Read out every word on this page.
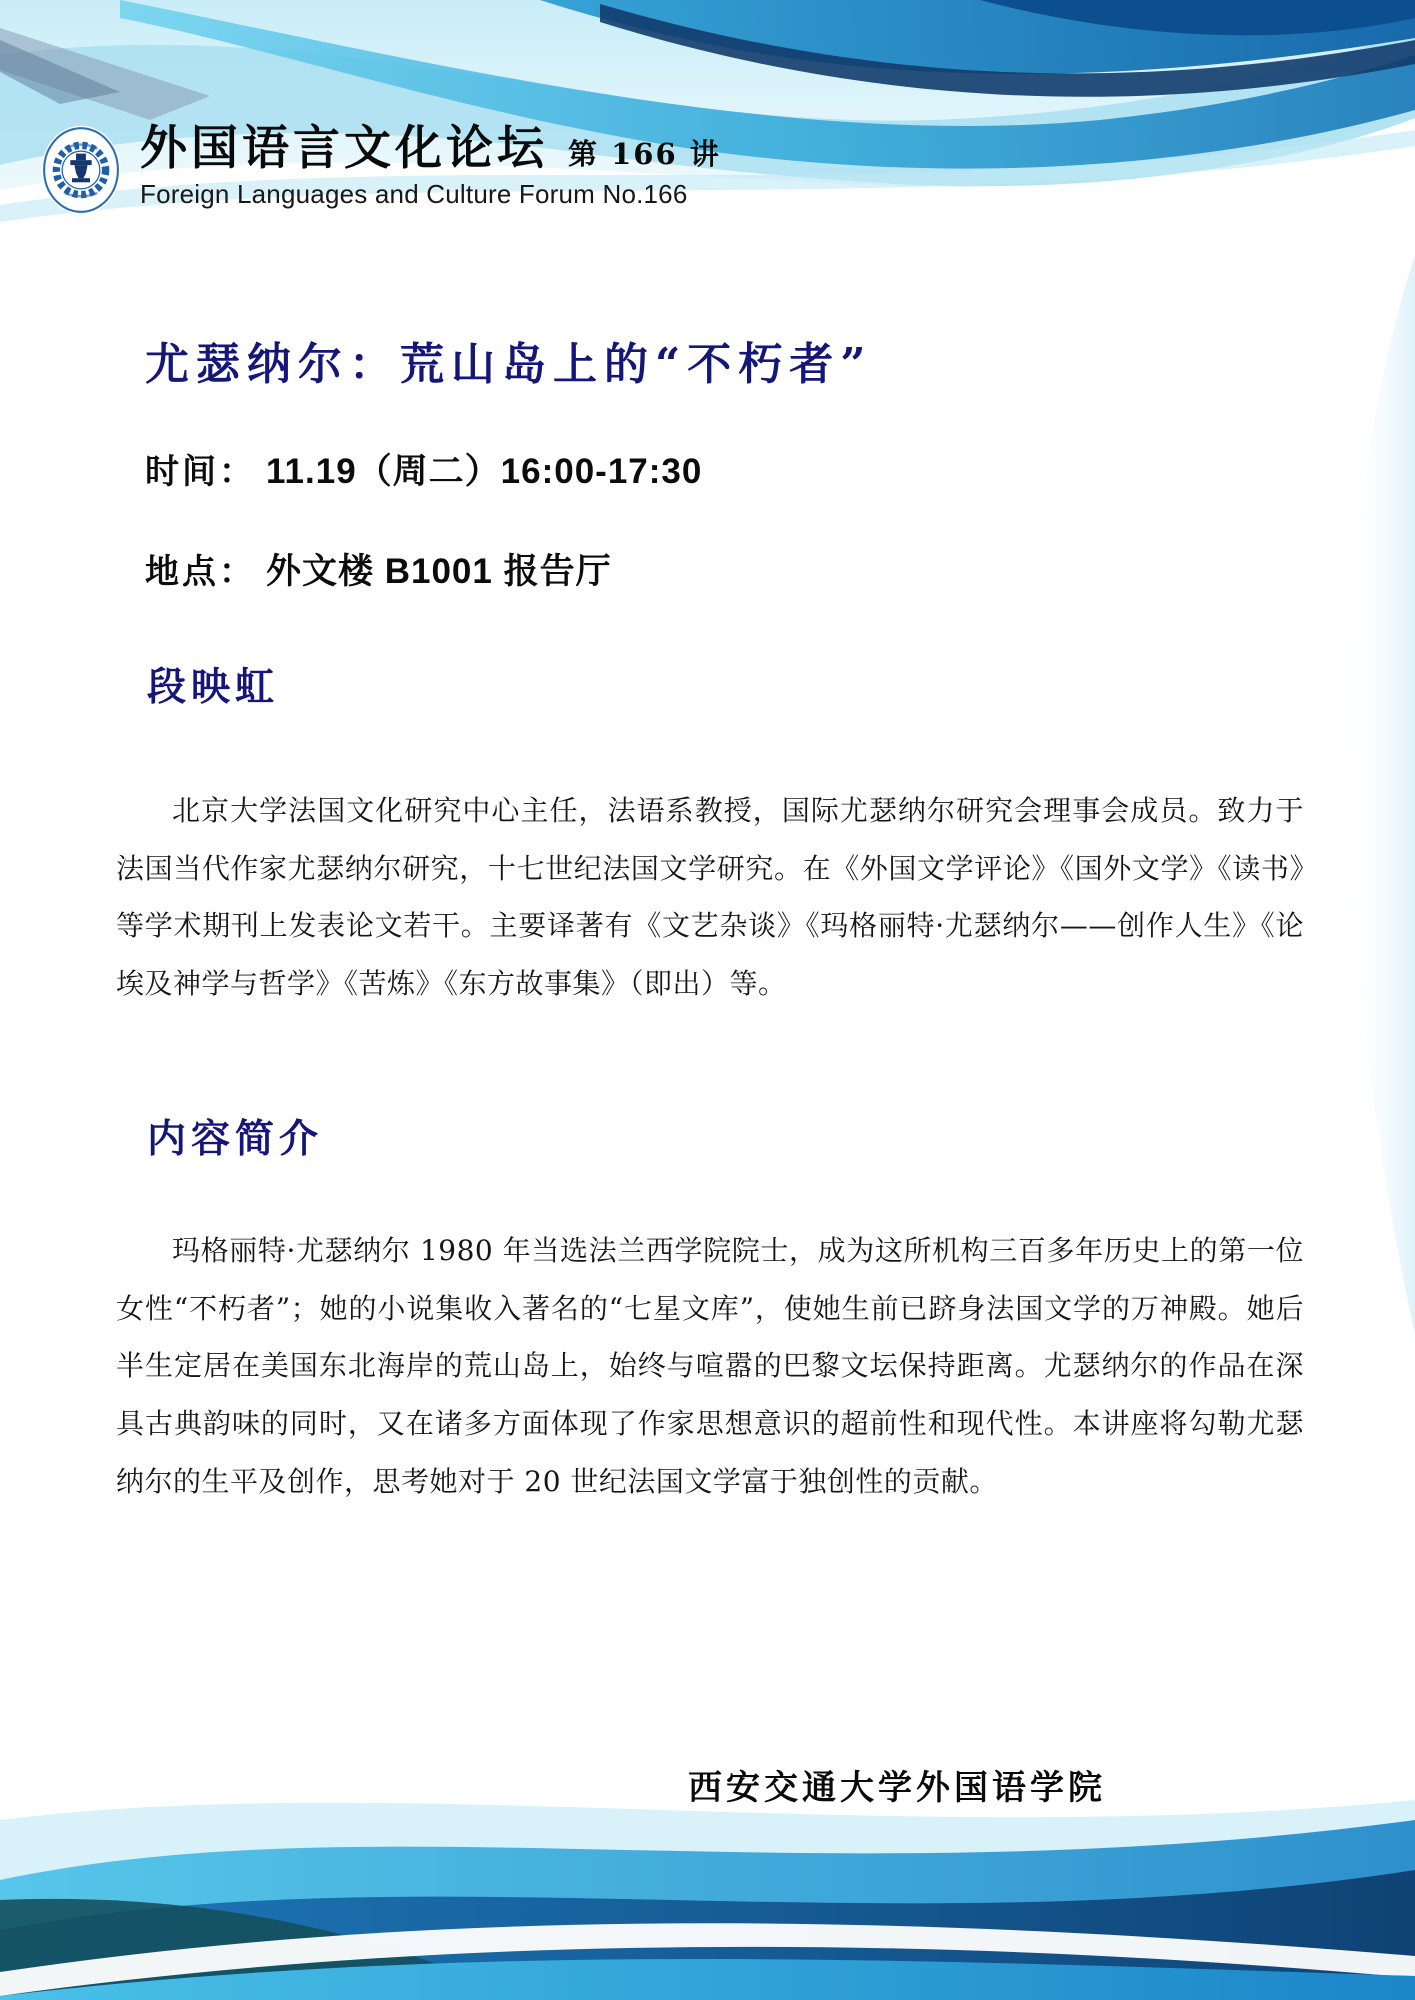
外国语言文化论坛 第 166 讲
Foreign Languages and Culture Forum No.166
尤瑟纳尔：荒山岛上的“不朽者”
时间： 11.19（周二）16:00-17:30
地点： 外文楼 B1001 报告厅
段映虹

北京大学法国文化研究中心主任，法语系教授，国际尤瑟纳尔研究会理事会成员。致力于法国当代作家尤瑟纳尔研究，十七世纪法国文学研究。在《外国文学评论》《国外文学》《读书》等学术期刊上发表论文若干。主要译著有《文艺杂谈》《玛格丽特·尤瑟纳尔——创作人生》《论埃及神学与哲学》《苦炼》《东方故事集》（即出）等。

内容简介

玛格丽特·尤瑟纳尔 1980 年当选法兰西学院院士，成为这所机构三百多年历史上的第一位女性“不朽者”；她的小说集收入著名的“七星文库”，使她生前已跻身法国文学的万神殿。她后半生定居在美国东北海岸的荒山岛上，始终与喧嚣的巴黎文坛保持距离。尤瑟纳尔的作品在深具古典韵味的同时，又在诸多方面体现了作家思想意识的超前性和现代性。本讲座将勾勒尤瑟纳尔的生平及创作，思考她对于 20 世纪法国文学富于独创性的贡献。

西安交通大学外国语学院
